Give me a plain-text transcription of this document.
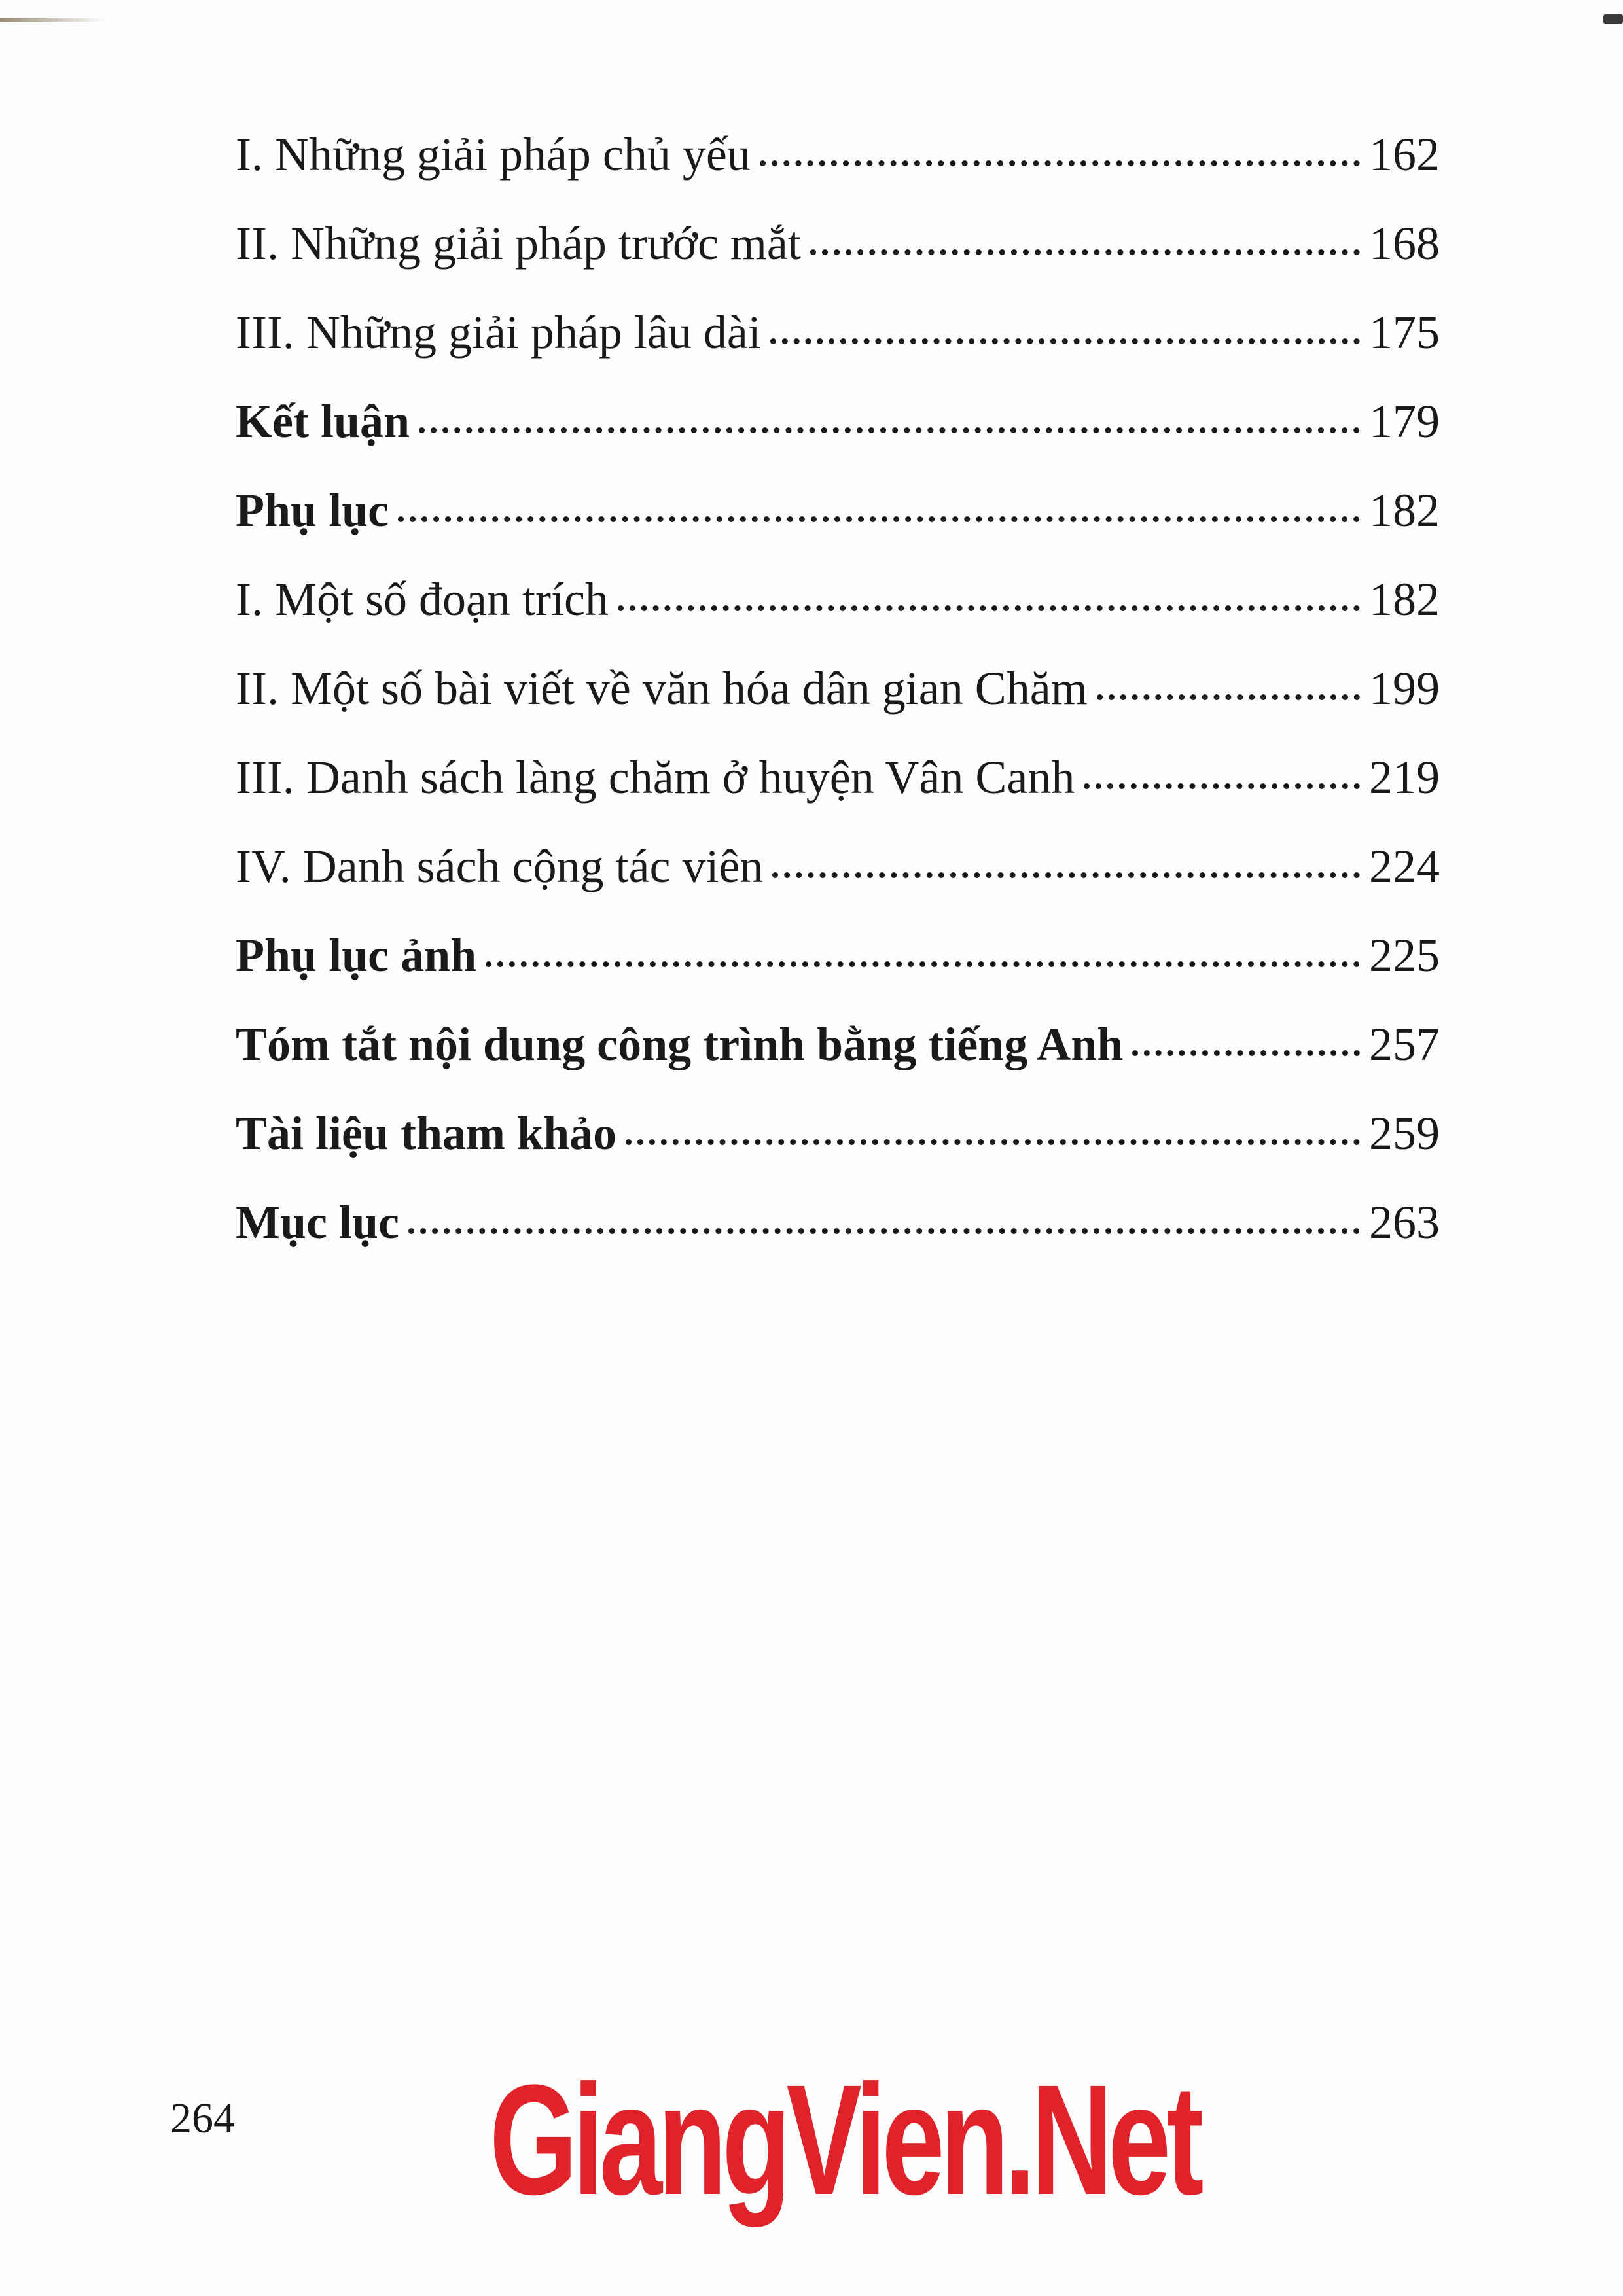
I. Những giải pháp chủ yếu	162
II. Những giải pháp trước mắt	168
III. Những giải pháp lâu dài	175
Kết luận	179
Phụ lục	182
I. Một số đoạn trích	182
II. Một số bài viết về văn hóa dân gian Chăm	199
III. Danh sách làng chăm ở huyện Vân Canh	219
IV. Danh sách cộng tác viên	224
Phụ lục ảnh	225
Tóm tắt nội dung công trình bằng tiếng Anh	257
Tài liệu tham khảo	259
Mục lục	263
264 GiangVien.Net
